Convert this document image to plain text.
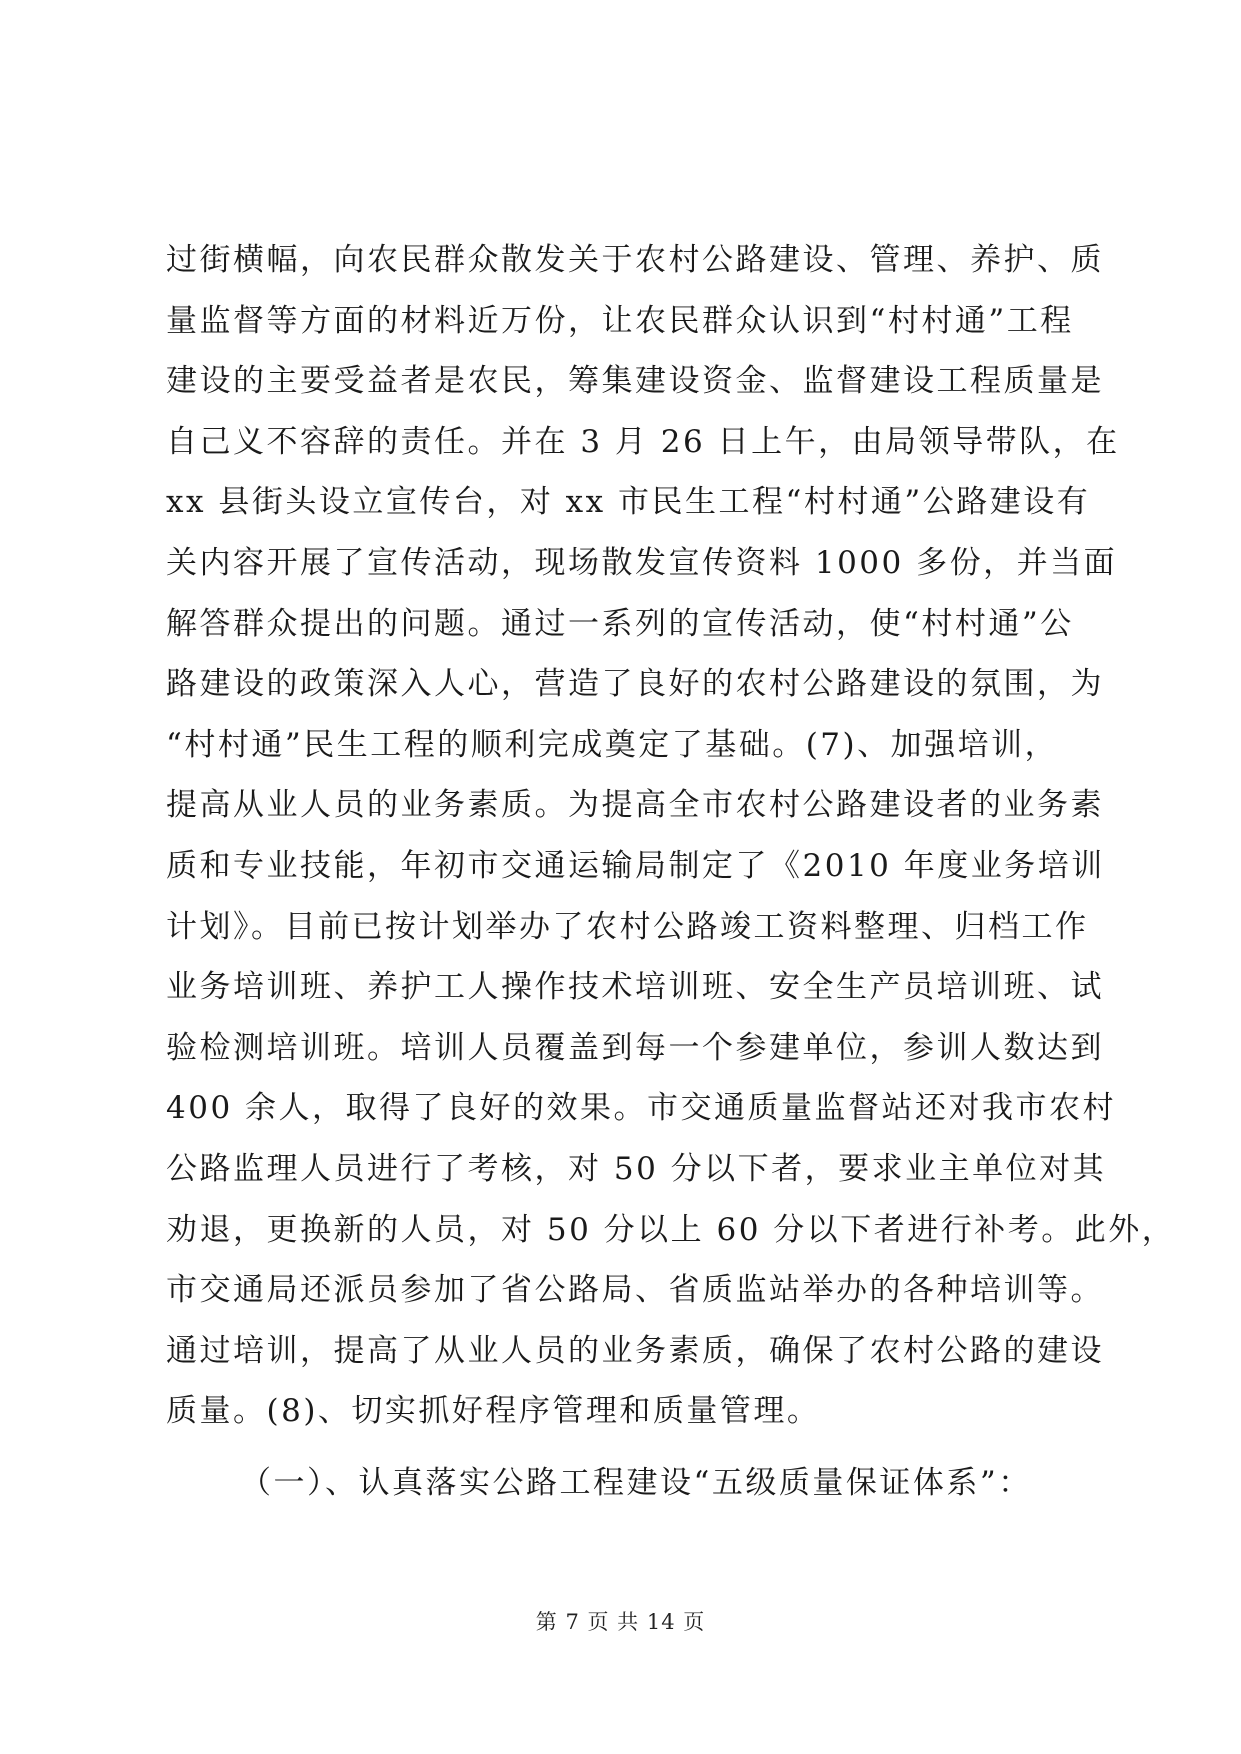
过街横幅，向农民群众散发关于农村公路建设、管理、养护、质
量监督等方面的材料近万份，让农民群众认识到“村村通”工程
建设的主要受益者是农民，筹集建设资金、监督建设工程质量是
自己义不容辞的责任。并在 3 月 26 日上午，由局领导带队，在
xx 县街头设立宣传台，对 xx 市民生工程“村村通”公路建设有
关内容开展了宣传活动，现场散发宣传资料 1000 多份，并当面
解答群众提出的问题。通过一系列的宣传活动，使“村村通”公
路建设的政策深入人心，营造了良好的农村公路建设的氛围，为
“村村通”民生工程的顺利完成奠定了基础。(7)、加强培训，
提高从业人员的业务素质。为提高全市农村公路建设者的业务素
质和专业技能，年初市交通运输局制定了《2010 年度业务培训
计划》。目前已按计划举办了农村公路竣工资料整理、归档工作
业务培训班、养护工人操作技术培训班、安全生产员培训班、试
验检测培训班。培训人员覆盖到每一个参建单位，参训人数达到
400 余人，取得了良好的效果。市交通质量监督站还对我市农村
公路监理人员进行了考核，对 50 分以下者，要求业主单位对其
劝退，更换新的人员，对 50 分以上 60 分以下者进行补考。此外，
市交通局还派员参加了省公路局、省质监站举办的各种培训等。
通过培训，提高了从业人员的业务素质，确保了农村公路的建设
质量。(8)、切实抓好程序管理和质量管理。
（一）、认真落实公路工程建设“五级质量保证体系”：
第 7 页 共 14 页
